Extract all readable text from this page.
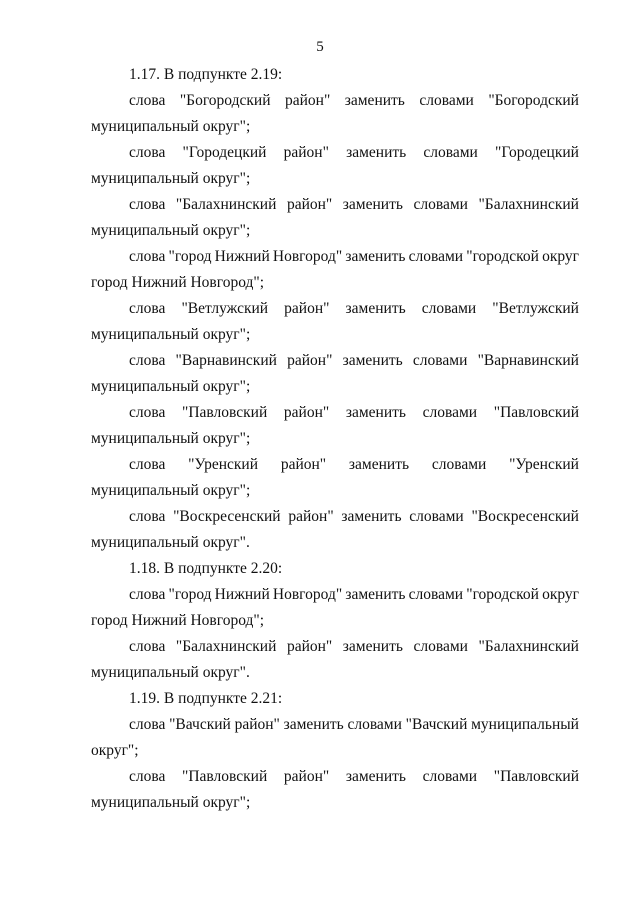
5
1.17. В подпункте 2.19:
слова "Богородский район" заменить словами "Богородский
муниципальный округ";
слова "Городецкий район" заменить словами "Городецкий
муниципальный округ";
слова "Балахнинский район" заменить словами "Балахнинский
муниципальный округ";
слова "город Нижний Новгород" заменить словами "городской округ
город Нижний Новгород";
слова "Ветлужский район" заменить словами "Ветлужский
муниципальный округ";
слова "Варнавинский район" заменить словами "Варнавинский
муниципальный округ";
слова "Павловский район" заменить словами "Павловский
муниципальный округ";
слова "Уренский район" заменить словами "Уренский
муниципальный округ";
слова "Воскресенский район" заменить словами "Воскресенский
муниципальный округ".
1.18. В подпункте 2.20:
слова "город Нижний Новгород" заменить словами "городской округ
город Нижний Новгород";
слова "Балахнинский район" заменить словами "Балахнинский
муниципальный округ".
1.19. В подпункте 2.21:
слова "Вачский район" заменить словами "Вачский муниципальный
округ";
слова "Павловский район" заменить словами "Павловский
муниципальный округ";
